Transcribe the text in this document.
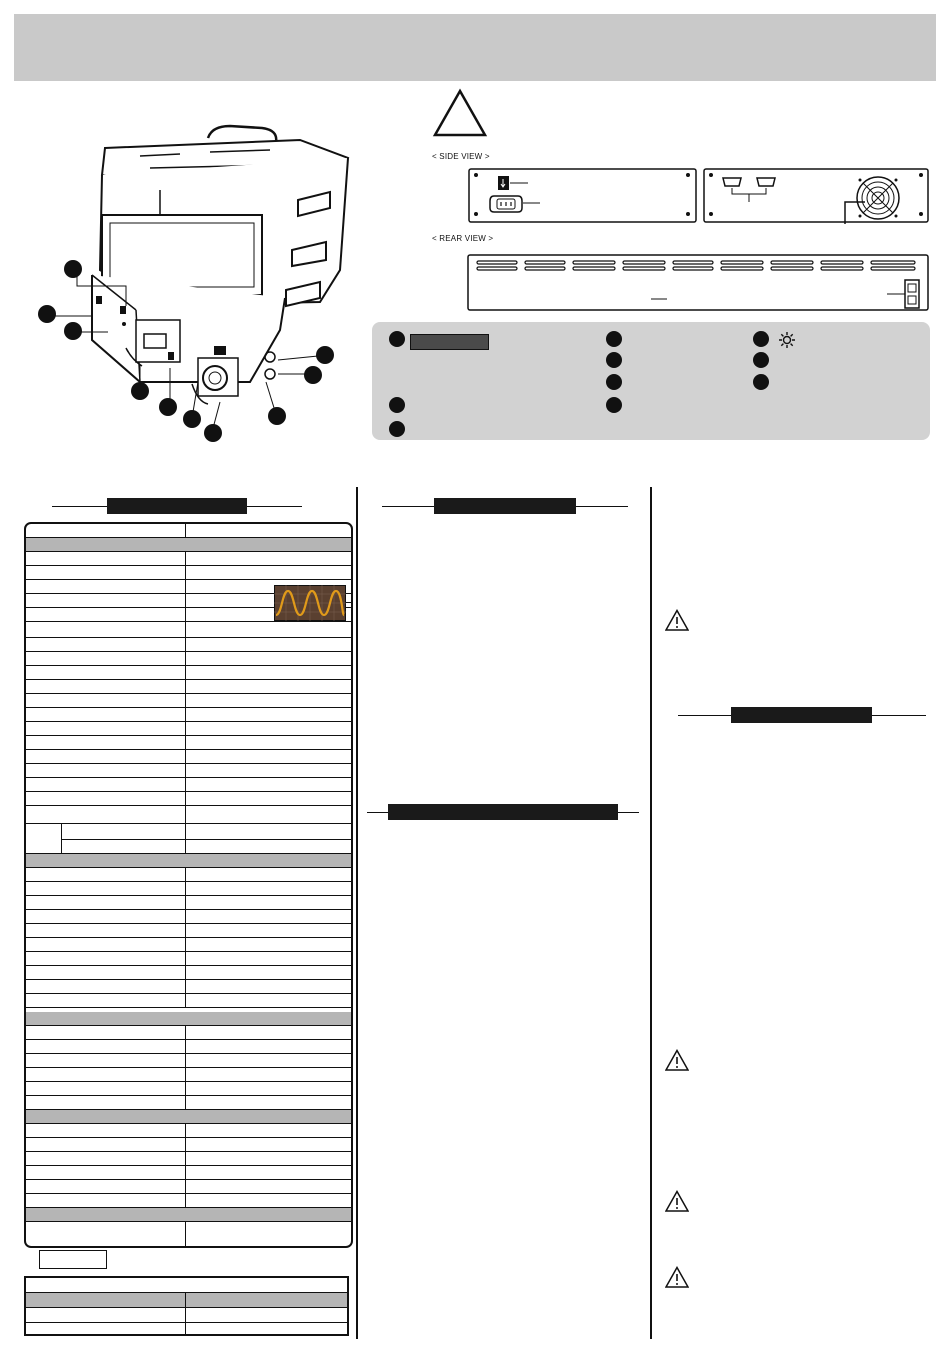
< SIDE VIEW >
< REAR VIEW >
